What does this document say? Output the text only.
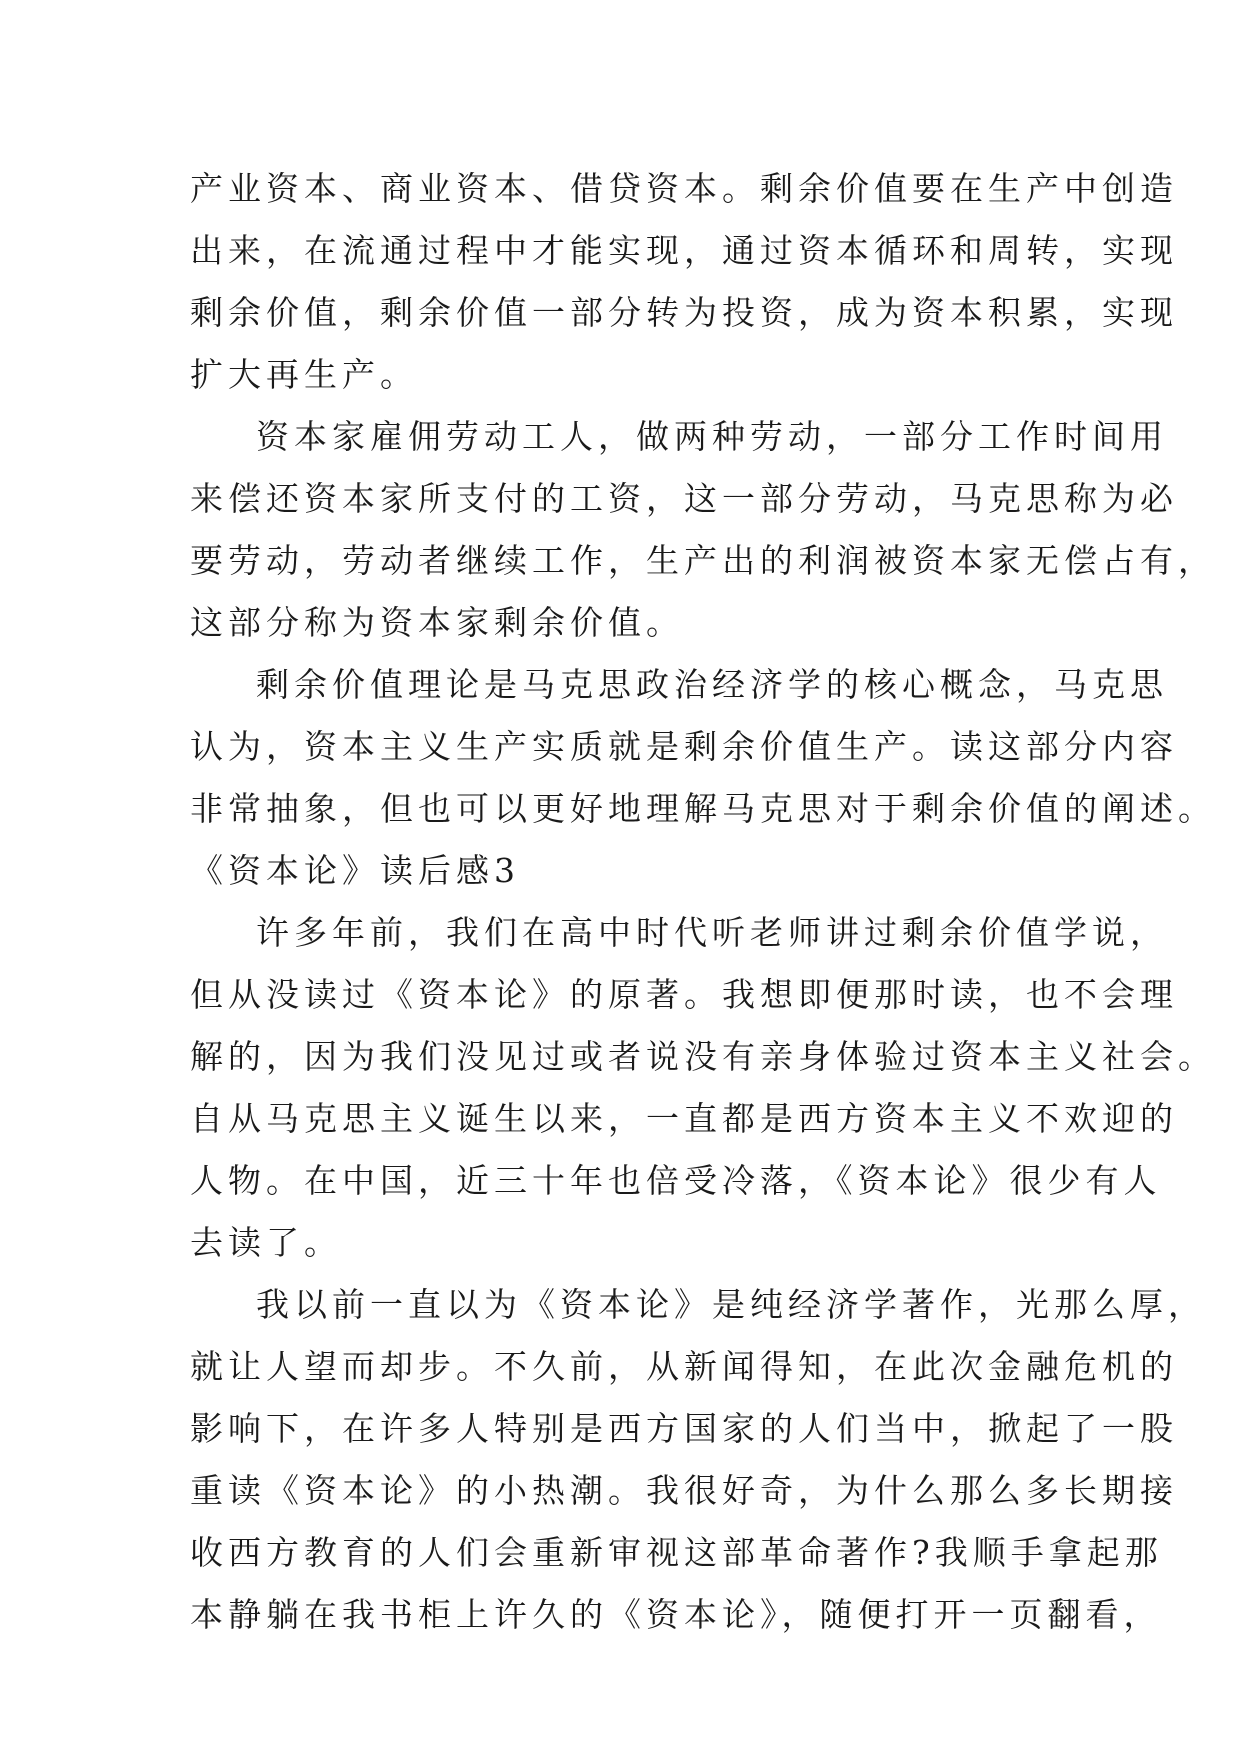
产业资本、商业资本、借贷资本。剩余价值要在生产中创造
出来，在流通过程中才能实现，通过资本循环和周转，实现
剩余价值，剩余价值一部分转为投资，成为资本积累，实现
扩大再生产。
资本家雇佣劳动工人，做两种劳动，一部分工作时间用
来偿还资本家所支付的工资，这一部分劳动，马克思称为必
要劳动，劳动者继续工作，生产出的利润被资本家无偿占有，
这部分称为资本家剩余价值。
剩余价值理论是马克思政治经济学的核心概念，马克思
认为，资本主义生产实质就是剩余价值生产。读这部分内容
非常抽象，但也可以更好地理解马克思对于剩余价值的阐述。
《资本论》读后感3
许多年前，我们在高中时代听老师讲过剩余价值学说，
但从没读过《资本论》的原著。我想即便那时读，也不会理
解的，因为我们没见过或者说没有亲身体验过资本主义社会。
自从马克思主义诞生以来，一直都是西方资本主义不欢迎的
人物。在中国，近三十年也倍受冷落，《资本论》很少有人
去读了。
我以前一直以为《资本论》是纯经济学著作，光那么厚，
就让人望而却步。不久前，从新闻得知，在此次金融危机的
影响下，在许多人特别是西方国家的人们当中，掀起了一股
重读《资本论》的小热潮。我很好奇，为什么那么多长期接
收西方教育的人们会重新审视这部革命著作?我顺手拿起那
本静躺在我书柜上许久的《资本论》，随便打开一页翻看，
